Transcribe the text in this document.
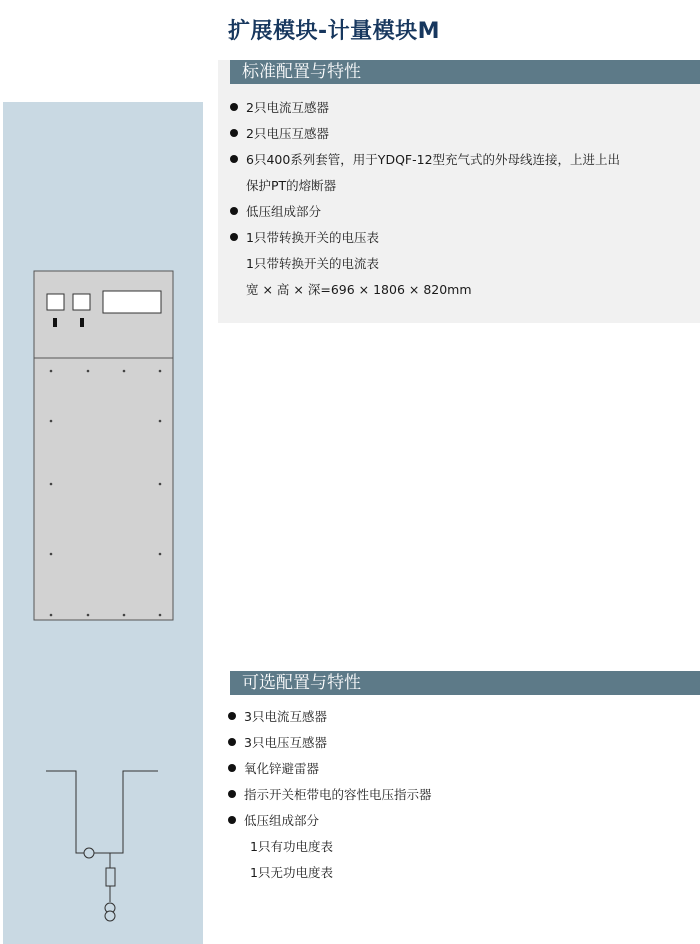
扩展模块-计量模块M
标准配置与特性
2只电流互感器
2只电压互感器
6只400系列套管，用于YDQF-12型充气式的外母线连接，上进上出
保护PT的熔断器
低压组成部分
1只带转换开关的电压表
1只带转换开关的电流表
宽 × 高 × 深=696 × 1806 × 820mm
可选配置与特性
3只电流互感器
3只电压互感器
氧化锌避雷器
指示开关柜带电的容性电压指示器
低压组成部分
1只有功电度表
1只无功电度表
